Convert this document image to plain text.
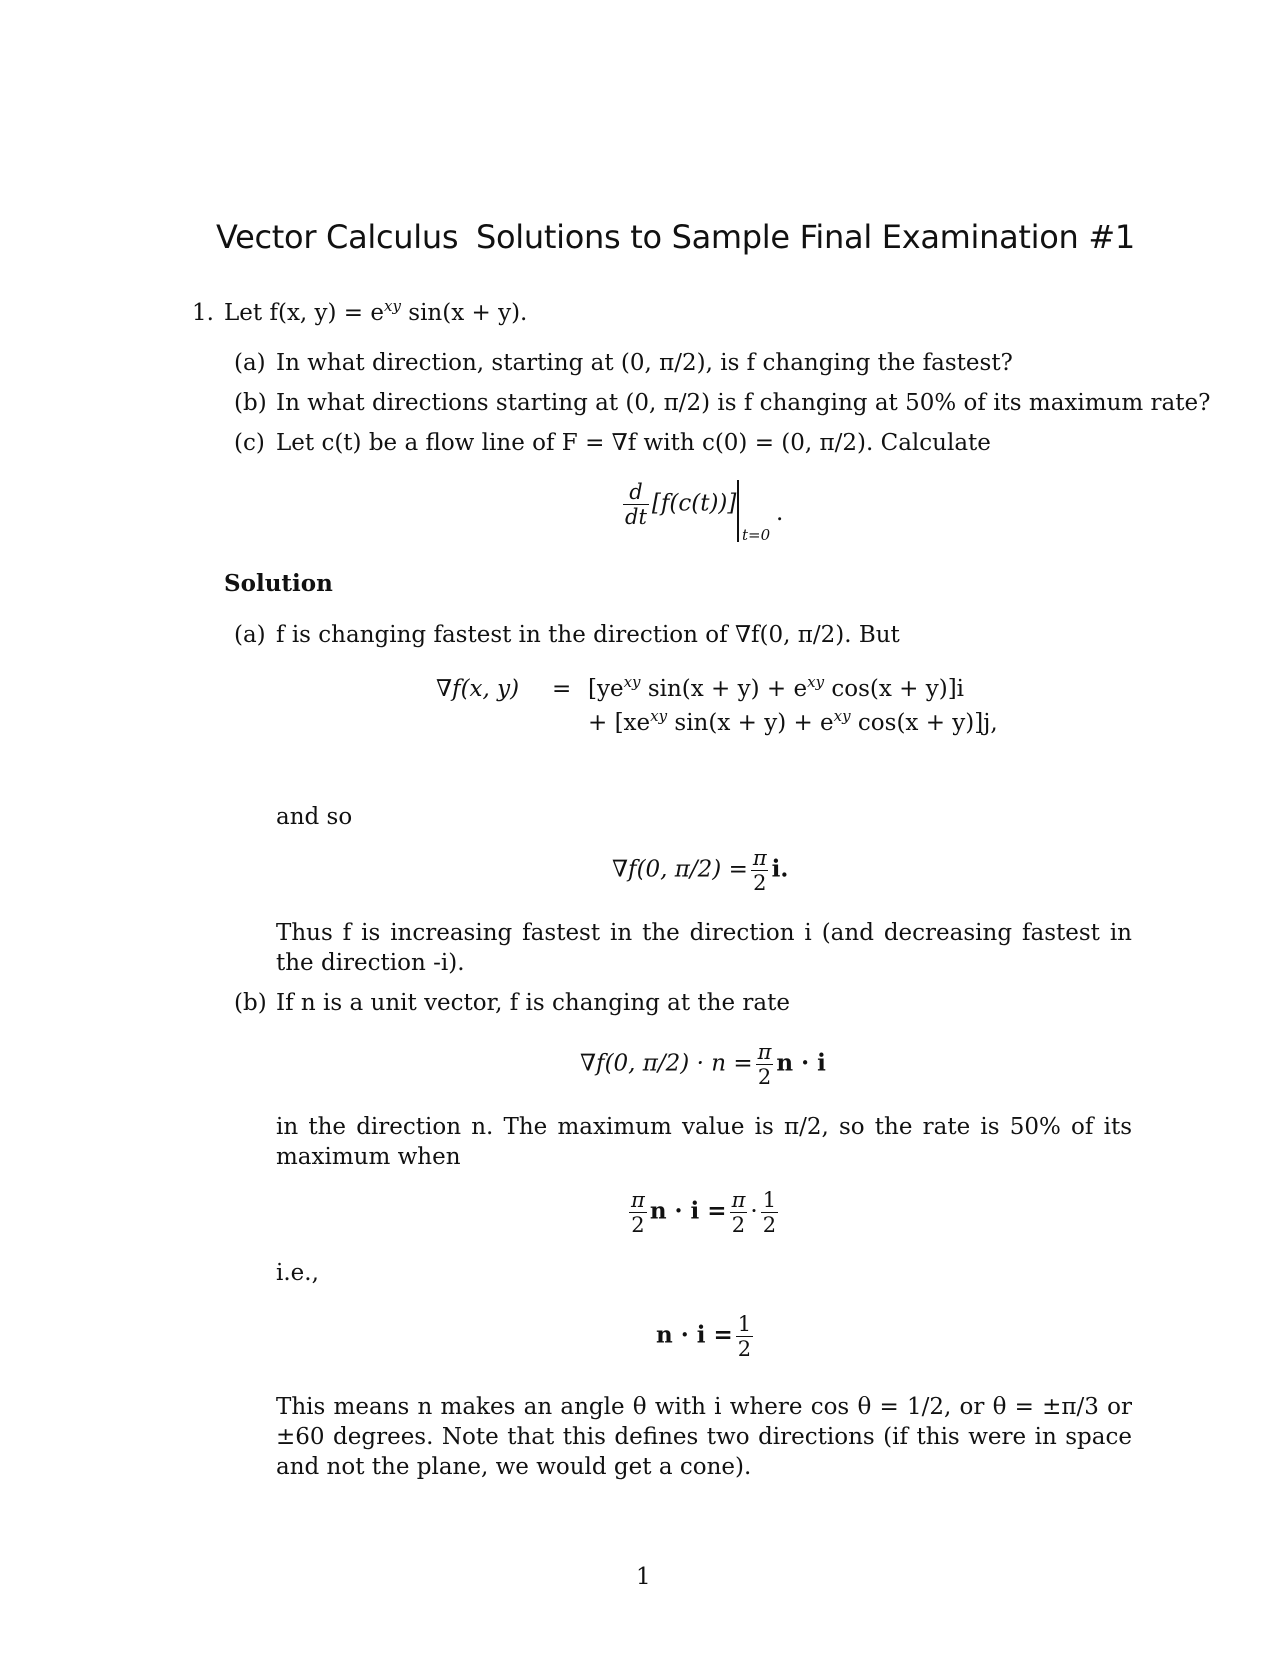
Vector Calculus Solutions to Sample Final Examination #1
1. Let f(x, $y) = e^{xy}$ sin(x + y).
(a) In what direction, starting at (0, π/2), is f changing the fastest?
(b) In what directions starting at (0, π/2) is f changing at 50% of its maximum rate?
(c) Let c(t) be a flow line of F = ∇f with c(0) = (0, π/2). Calculate
$\frac{d}{dt} [f(c(t))]$
t=0
.
Solution
(a) f is changing fastest in the direction of ∇f(0, π/2). But
∇f(x, $y) = [ye^{xy}$ $\sin(x + y) + e^{xy}$ cos(x + y)]i
+ [$xe^{xy}$ $\sin(x + y) + e^{xy}$ cos(x + y)]j,
and so
∇f(0, $\pi/2) = \frac{\pi}{2} i$.
Thus f is increasing fastest in the direction i (and decreasing fastest in the direction -i).
(b) If n is a unit vector, f is changing at the rate
∇f(0, $\pi/2) \cdot n = \frac{\pi}{2}$ n · i
in the direction n. The maximum value is π/2, so the rate is 50% of its maximum when
$\frac{\pi}{2}$ $n \cdot i = \frac{\pi}{2} \cdot \frac{1}{2}$
i.e.,
$n \cdot i = \frac{1}{2}$
This means n makes an angle θ with i where cos θ = 1/2, or θ = ±π/3 or ±60 degrees. Note that this defines two directions (if this were in space and not the plane, we would get a cone).
1
